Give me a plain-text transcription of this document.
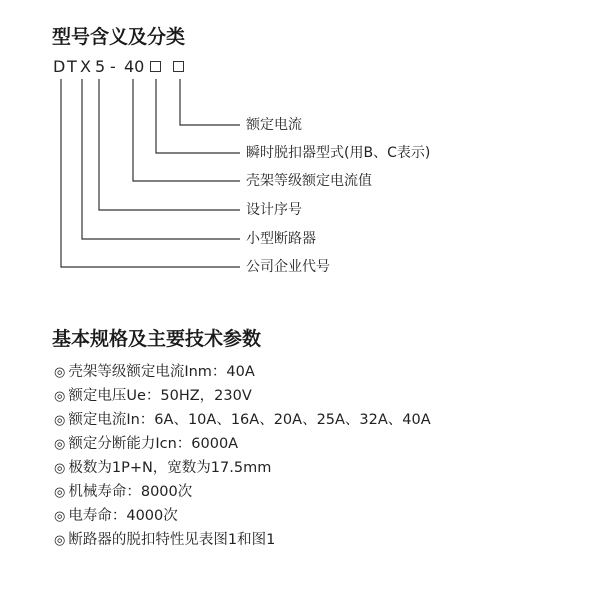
型号含义及分类
D T X 5 - 40
额定电流
瞬时脱扣器型式(用B、C表示)
壳架等级额定电流值
设计序号
小型断路器
公司企业代号
基本规格及主要技术参数
◎ 壳架等级额定电流Inm：40A
◎ 额定电压Ue：50HZ，230V
◎ 额定电流In：6A、10A、16A、20A、25A、32A、40A
◎ 额定分断能力Icn：6000A
◎ 极数为1P+N，宽数为17.5mm
◎ 机械寿命：8000次
◎ 电寿命：4000次
◎ 断路器的脱扣特性见表图1和图1
